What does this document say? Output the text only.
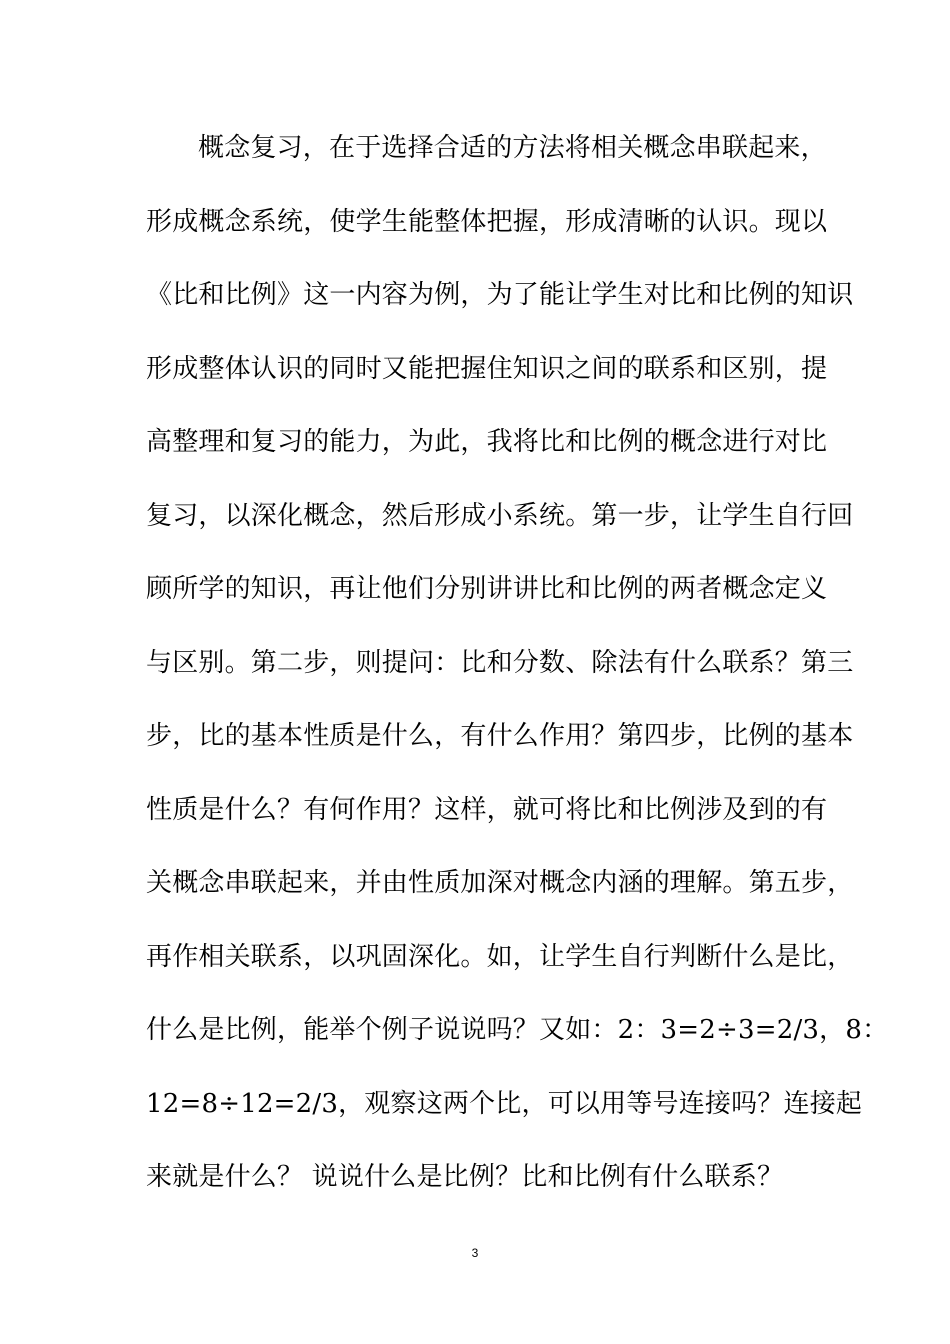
概念复习，在于选择合适的方法将相关概念串联起来，
形成概念系统，使学生能整体把握，形成清晰的认识。现以
《比和比例》这一内容为例，为了能让学生对比和比例的知识
形成整体认识的同时又能把握住知识之间的联系和区别，提
高整理和复习的能力，为此，我将比和比例的概念进行对比
复习，以深化概念，然后形成小系统。第一步，让学生自行回
顾所学的知识，再让他们分别讲讲比和比例的两者概念定义
与区别。第二步，则提问：比和分数、除法有什么联系？第三
步，比的基本性质是什么，有什么作用？第四步，比例的基本
性质是什么？有何作用？这样，就可将比和比例涉及到的有
关概念串联起来，并由性质加深对概念内涵的理解。第五步，
再作相关联系，以巩固深化。如，让学生自行判断什么是比，
什么是比例，能举个例子说说吗？又如：2：3=2÷3=2/3，8：
12=8÷12=2/3，观察这两个比，可以用等号连接吗？连接起
来就是什么？ 说说什么是比例？比和比例有什么联系？
3
